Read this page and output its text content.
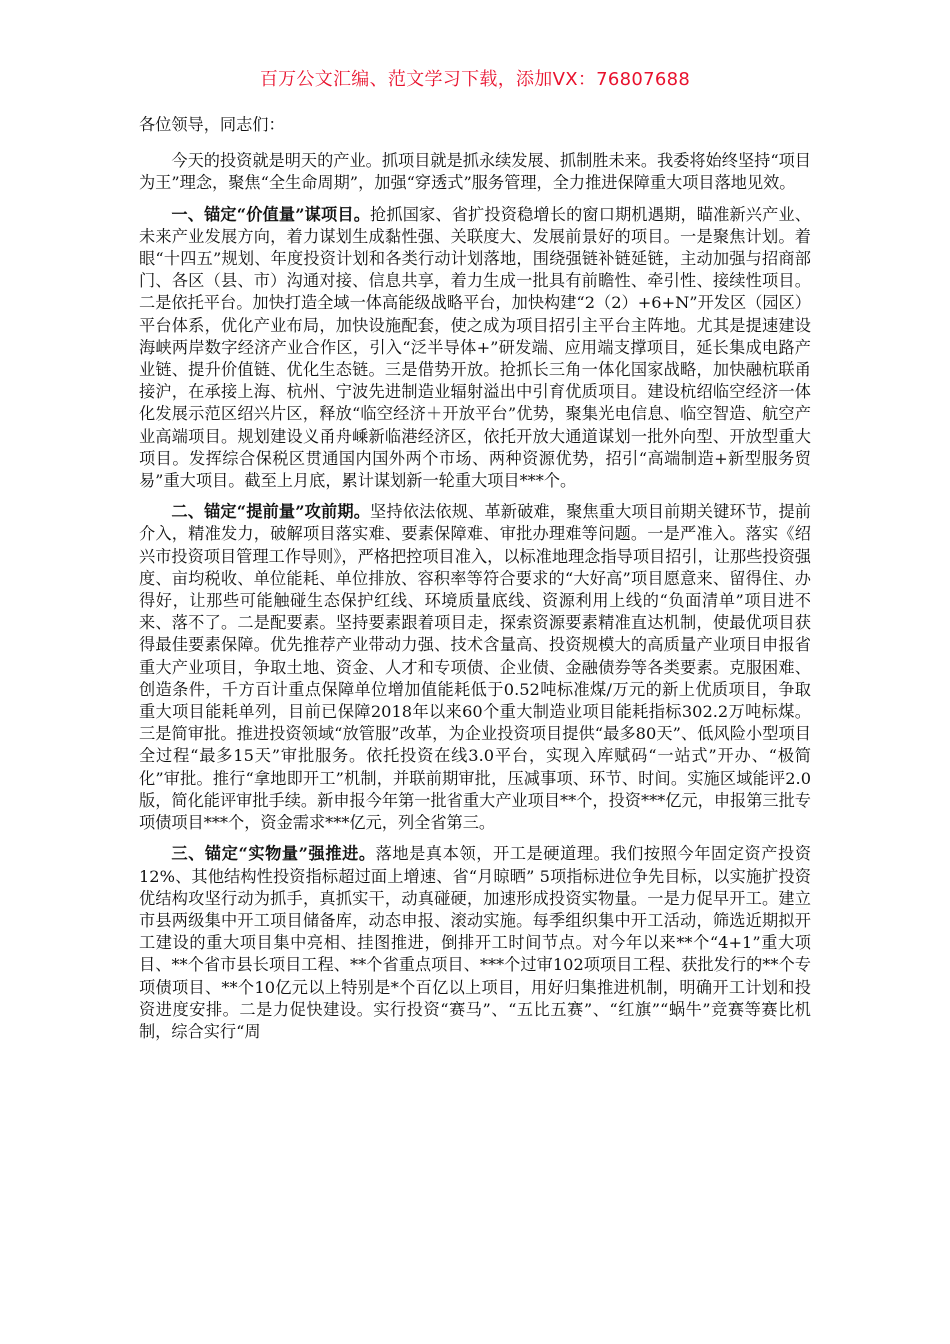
百万公文汇编、范文学习下载，添加VX：76807688

各位领导，同志们：

今天的投资就是明天的产业。抓项目就是抓永续发展、抓制胜未来。我委将始终坚持“项目为王”理念，聚焦“全生命周期”，加强“穿透式”服务管理，全力推进保障重大项目落地见效。

一、锚定“价值量”谋项目。抢抓国家、省扩投资稳增长的窗口期机遇期，瞄准新兴产业、未来产业发展方向，着力谋划生成黏性强、关联度大、发展前景好的项目。一是聚焦计划。着眼“十四五”规划、年度投资计划和各类行动计划落地，围绕强链补链延链，主动加强与招商部门、各区（县、市）沟通对接、信息共享，着力生成一批具有前瞻性、牵引性、接续性项目。二是依托平台。加快打造全域一体高能级战略平台，加快构建“2（2）+6+N”开发区（园区）平台体系，优化产业布局，加快设施配套，使之成为项目招引主平台主阵地。尤其是提速建设海峡两岸数字经济产业合作区，引入“泛半导体+”研发端、应用端支撑项目，延长集成电路产业链、提升价值链、优化生态链。三是借势开放。抢抓长三角一体化国家战略，加快融杭联甬接沪，在承接上海、杭州、宁波先进制造业辐射溢出中引育优质项目。建设杭绍临空经济一体化发展示范区绍兴片区，释放“临空经济＋开放平台”优势，聚集光电信息、临空智造、航空产业高端项目。规划建设义甬舟嵊新临港经济区，依托开放大通道谋划一批外向型、开放型重大项目。发挥综合保税区贯通国内国外两个市场、两种资源优势，招引“高端制造+新型服务贸易”重大项目。截至上月底，累计谋划新一轮重大项目***个。

二、锚定“提前量”攻前期。坚持依法依规、革新破难，聚焦重大项目前期关键环节，提前介入，精准发力，破解项目落实难、要素保障难、审批办理难等问题。一是严准入。落实《绍兴市投资项目管理工作导则》，严格把控项目准入，以标准地理念指导项目招引，让那些投资强度、亩均税收、单位能耗、单位排放、容积率等符合要求的“大好高”项目愿意来、留得住、办得好，让那些可能触碰生态保护红线、环境质量底线、资源利用上线的“负面清单”项目进不来、落不了。二是配要素。坚持要素跟着项目走，探索资源要素精准直达机制，使最优项目获得最佳要素保障。优先推荐产业带动力强、技术含量高、投资规模大的高质量产业项目申报省重大产业项目，争取土地、资金、人才和专项债、企业债、金融债券等各类要素。克服困难、创造条件，千方百计重点保障单位增加值能耗低于0.52吨标准煤/万元的新上优质项目，争取重大项目能耗单列，目前已保障2018年以来60个重大制造业项目能耗指标302.2万吨标煤。三是简审批。推进投资领域“放管服”改革，为企业投资项目提供“最多80天”、低风险小型项目全过程“最多15天”审批服务。依托投资在线3.0平台，实现入库赋码“一站式”开办、“极简化”审批。推行“拿地即开工”机制，并联前期审批，压减事项、环节、时间。实施区域能评2.0版，简化能评审批手续。新申报今年第一批省重大产业项目**个，投资***亿元，申报第三批专项债项目***个，资金需求***亿元，列全省第三。

三、锚定“实物量”强推进。落地是真本领，开工是硬道理。我们按照今年固定资产投资12%、其他结构性投资指标超过面上增速、省“月晾晒” 5项指标进位争先目标，以实施扩投资优结构攻坚行动为抓手，真抓实干，动真碰硬，加速形成投资实物量。一是力促早开工。建立市县两级集中开工项目储备库，动态申报、滚动实施。每季组织集中开工活动，筛选近期拟开工建设的重大项目集中亮相、挂图推进，倒排开工时间节点。对今年以来**个“4+1”重大项目、**个省市县长项目工程、**个省重点项目、***个过审102项项目工程、获批发行的**个专项债项目、**个10亿元以上特别是*个百亿以上项目，用好归集推进机制，明确开工计划和投资进度安排。二是力促快建设。实行投资“赛马”、“五比五赛”、“红旗”“蜗牛”竞赛等赛比机制，综合实行“周
